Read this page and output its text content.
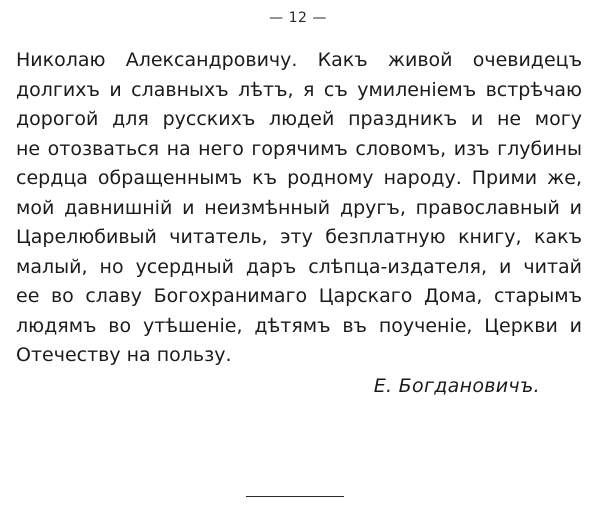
— 12 —
Николаю Александровичу. Какъ живой очевидецъ
долгихъ и славныхъ лѣтъ, я съ умиленіемъ встрѣчаю
дорогой для русскихъ людей праздникъ и не могу
не отозваться на него горячимъ словомъ, изъ глубины
сердца обращеннымъ къ родному народу. Прими же,
мой давнишній и неизмѣнный другъ, православный и
Царелюбивый читатель, эту безплатную книгу, какъ
малый, но усердный даръ слѣпца-издателя, и читай
ее во славу Богохранимаго Царскаго Дома, старымъ
людямъ во утѣшеніе, дѣтямъ въ поученіе, Церкви и
Отечеству на пользу.
Е. Богдановичъ.
